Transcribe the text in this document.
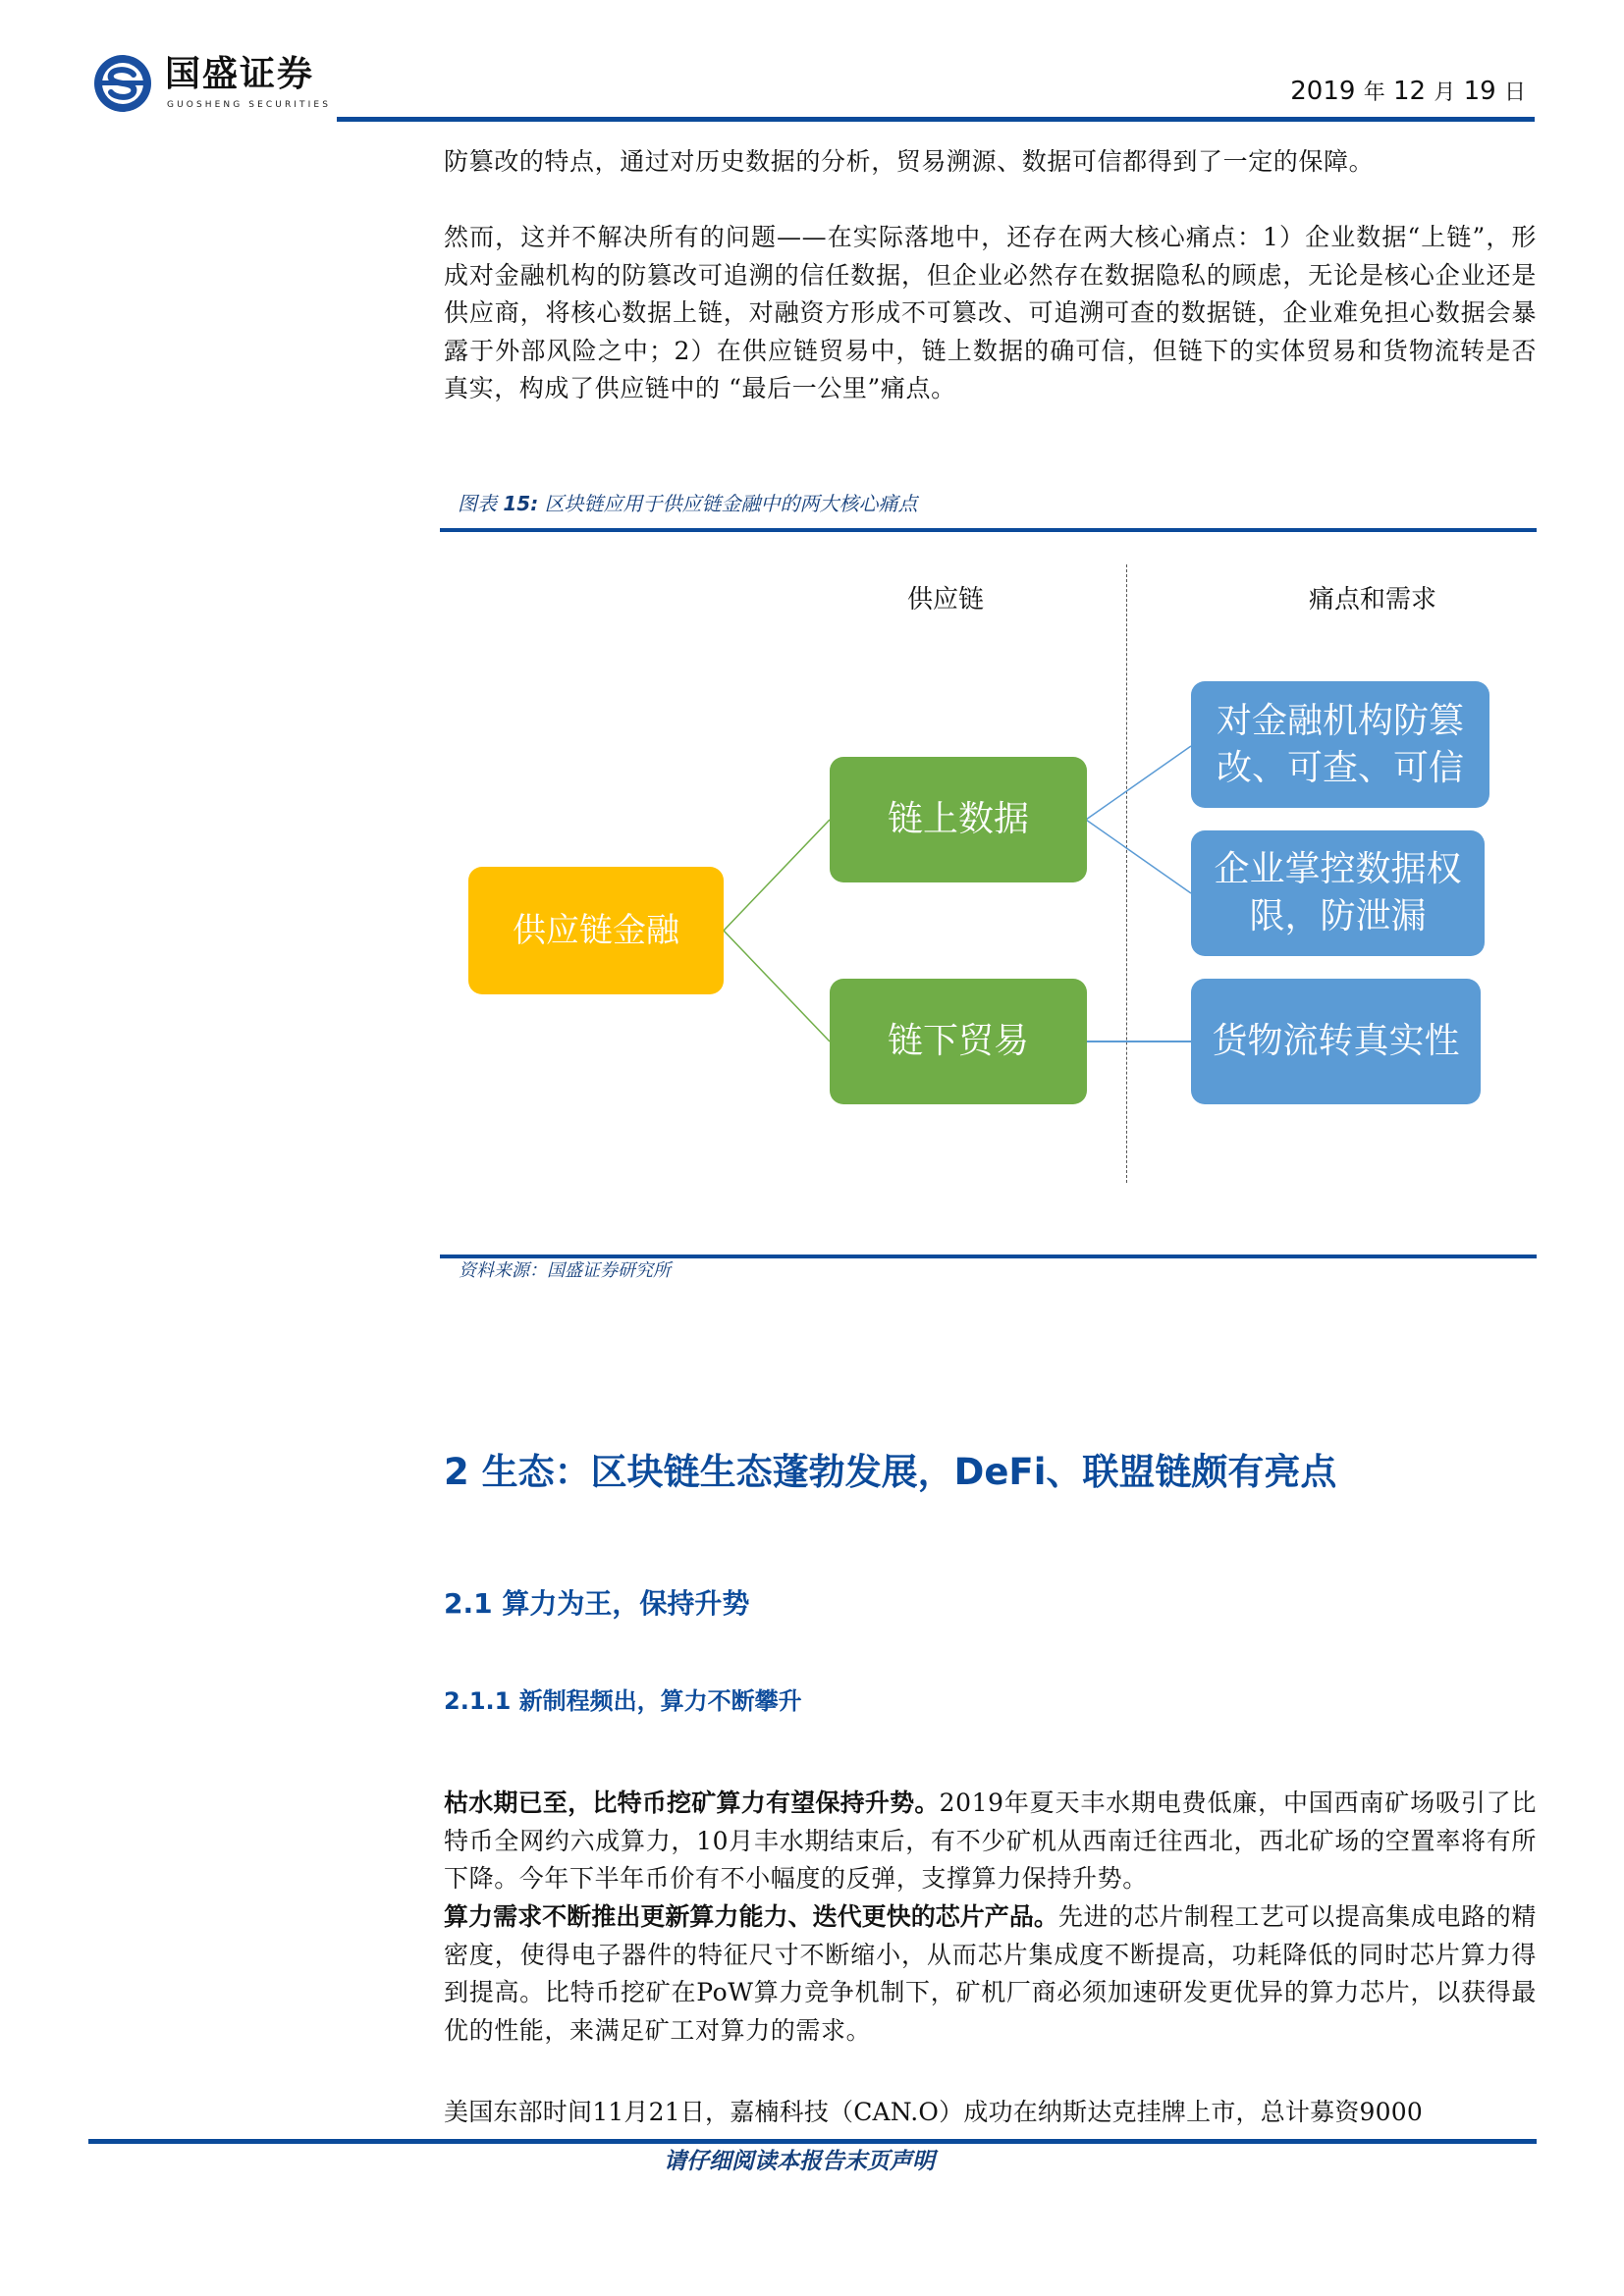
国盛证券
GUOSHENG SECURITIES	2019 年 12 月 19 日
防篡改的特点，通过对历史数据的分析，贸易溯源、数据可信都得到了一定的保障。
然而，这并不解决所有的问题——在实际落地中，还存在两大核心痛点：1）企业数据“上链”，形成对金融机构的防篡改可追溯的信任数据，但企业必然存在数据隐私的顾虑，无论是核心企业还是供应商，将核心数据上链，对融资方形成不可篡改、可追溯可查的数据链，企业难免担心数据会暴露于外部风险之中；2）在供应链贸易中，链上数据的确可信，但链下的实体贸易和货物流转是否真实，构成了供应链中的 “最后一公里”痛点。
图表 15: 区块链应用于供应链金融中的两大核心痛点
供应链	痛点和需求
供应链金融
链上数据
链下贸易
对金融机构防篡改、可查、可信
企业掌控数据权限，防泄漏
货物流转真实性
资料来源：国盛证券研究所
2 生态：区块链生态蓬勃发展，DeFi、联盟链颇有亮点
2.1 算力为王，保持升势
2.1.1 新制程频出，算力不断攀升
枯水期已至，比特币挖矿算力有望保持升势。2019年夏天丰水期电费低廉，中国西南矿场吸引了比特币全网约六成算力，10月丰水期结束后，有不少矿机从西南迁往西北，西北矿场的空置率将有所下降。今年下半年币价有不小幅度的反弹，支撑算力保持升势。
算力需求不断推出更新算力能力、迭代更快的芯片产品。先进的芯片制程工艺可以提高集成电路的精密度，使得电子器件的特征尺寸不断缩小，从而芯片集成度不断提高，功耗降低的同时芯片算力得到提高。比特币挖矿在PoW算力竞争机制下，矿机厂商必须加速研发更优异的算力芯片，以获得最优的性能，来满足矿工对算力的需求。
美国东部时间11月21日，嘉楠科技（CAN.O）成功在纳斯达克挂牌上市，总计募资9000
请仔细阅读本报告末页声明
